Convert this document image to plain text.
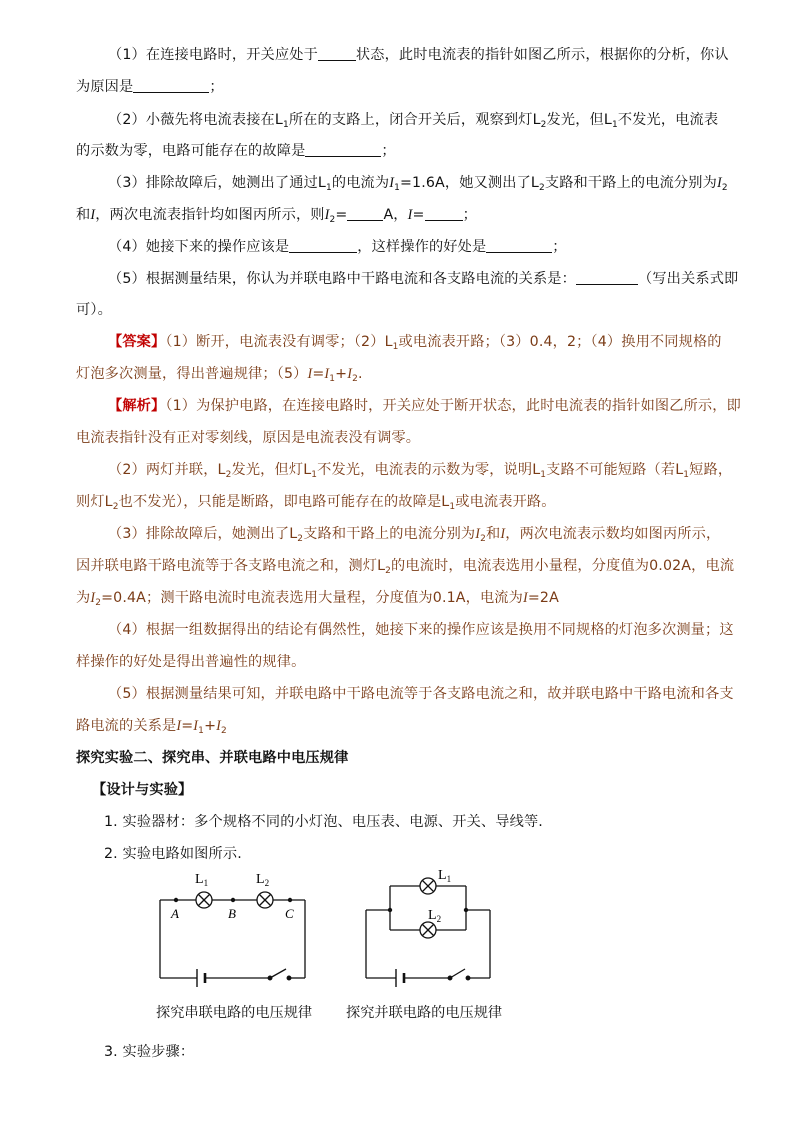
（1）在连接电路时，开关应处于	状态，此时电流表的指针如图乙所示，根据你的分析，你认
为原因是	；
（2）小薇先将电流表接在$L_1$所在的支路上，闭合开关后，观察到灯$L_2$发光，但$L_1$不发光，电流表
的示数为零，电路可能存在的故障是	；
（3）排除故障后，她测出了通过$L_1$的电流为$I_1=1.6A$，她又测出了$L_2$支路和干路上的电流分别为$I_2$
和I，两次电流表指针均如图丙所示，则$I_2=$	A，I=	；
（4）她接下来的操作应该是	，这样操作的好处是	；
（5）根据测量结果，你认为并联电路中干路电流和各支路电流的关系是：	（写出关系式即
可）。
【答案】（1）断开，电流表没有调零；$(2)L_1$或电流表开路；（3）0.4，2；（4）换用不同规格的
灯泡多次测量，得出普遍规律；$(5)I=I_1+I_2$.
【解析】（1）为保护电路，在连接电路时，开关应处于断开状态，此时电流表的指针如图乙所示，即
电流表指针没有正对零刻线，原因是电流表没有调零。
（2）两灯并联，$L_2$发光，但灯$L_1$不发光，电流表的示数为零，说明$L_1$支路不可能短路（若$L_1$短路，
则灯$L_2$也不发光），只能是断路，即电路可能存在的故障是$L_1$或电流表开路。
（3）排除故障后，她测出了$L_2$支路和干路上的电流分别为$I_2$和I，两次电流表示数均如图丙所示，
因并联电路干路电流等于各支路电流之和，测灯$L_2$的电流时，电流表选用小量程，分度值为0.02A，电流
为$I_2=0.4A$；测干路电流时电流表选用大量程，分度值为0.1A，电流为I=2A
（4）根据一组数据得出的结论有偶然性，她接下来的操作应该是换用不同规格的灯泡多次测量；这
样操作的好处是得出普遍性的规律。
（5）根据测量结果可知，并联电路中干路电流等于各支路电流之和，故并联电路中干路电流和各支
路电流的关系是$I=I_1+I_2$
探究实验二、探究串、并联电路中电压规律
【设计与实验】
1. 实验器材：多个规格不同的小灯泡、电压表、电源、开关、导线等.
2. 实验电路如图所示.
$L_1$	$L_2$
A	B	C
探究串联电路的电压规律
$L_1$
$L_2$
探究并联电路的电压规律
3. 实验步骤：
